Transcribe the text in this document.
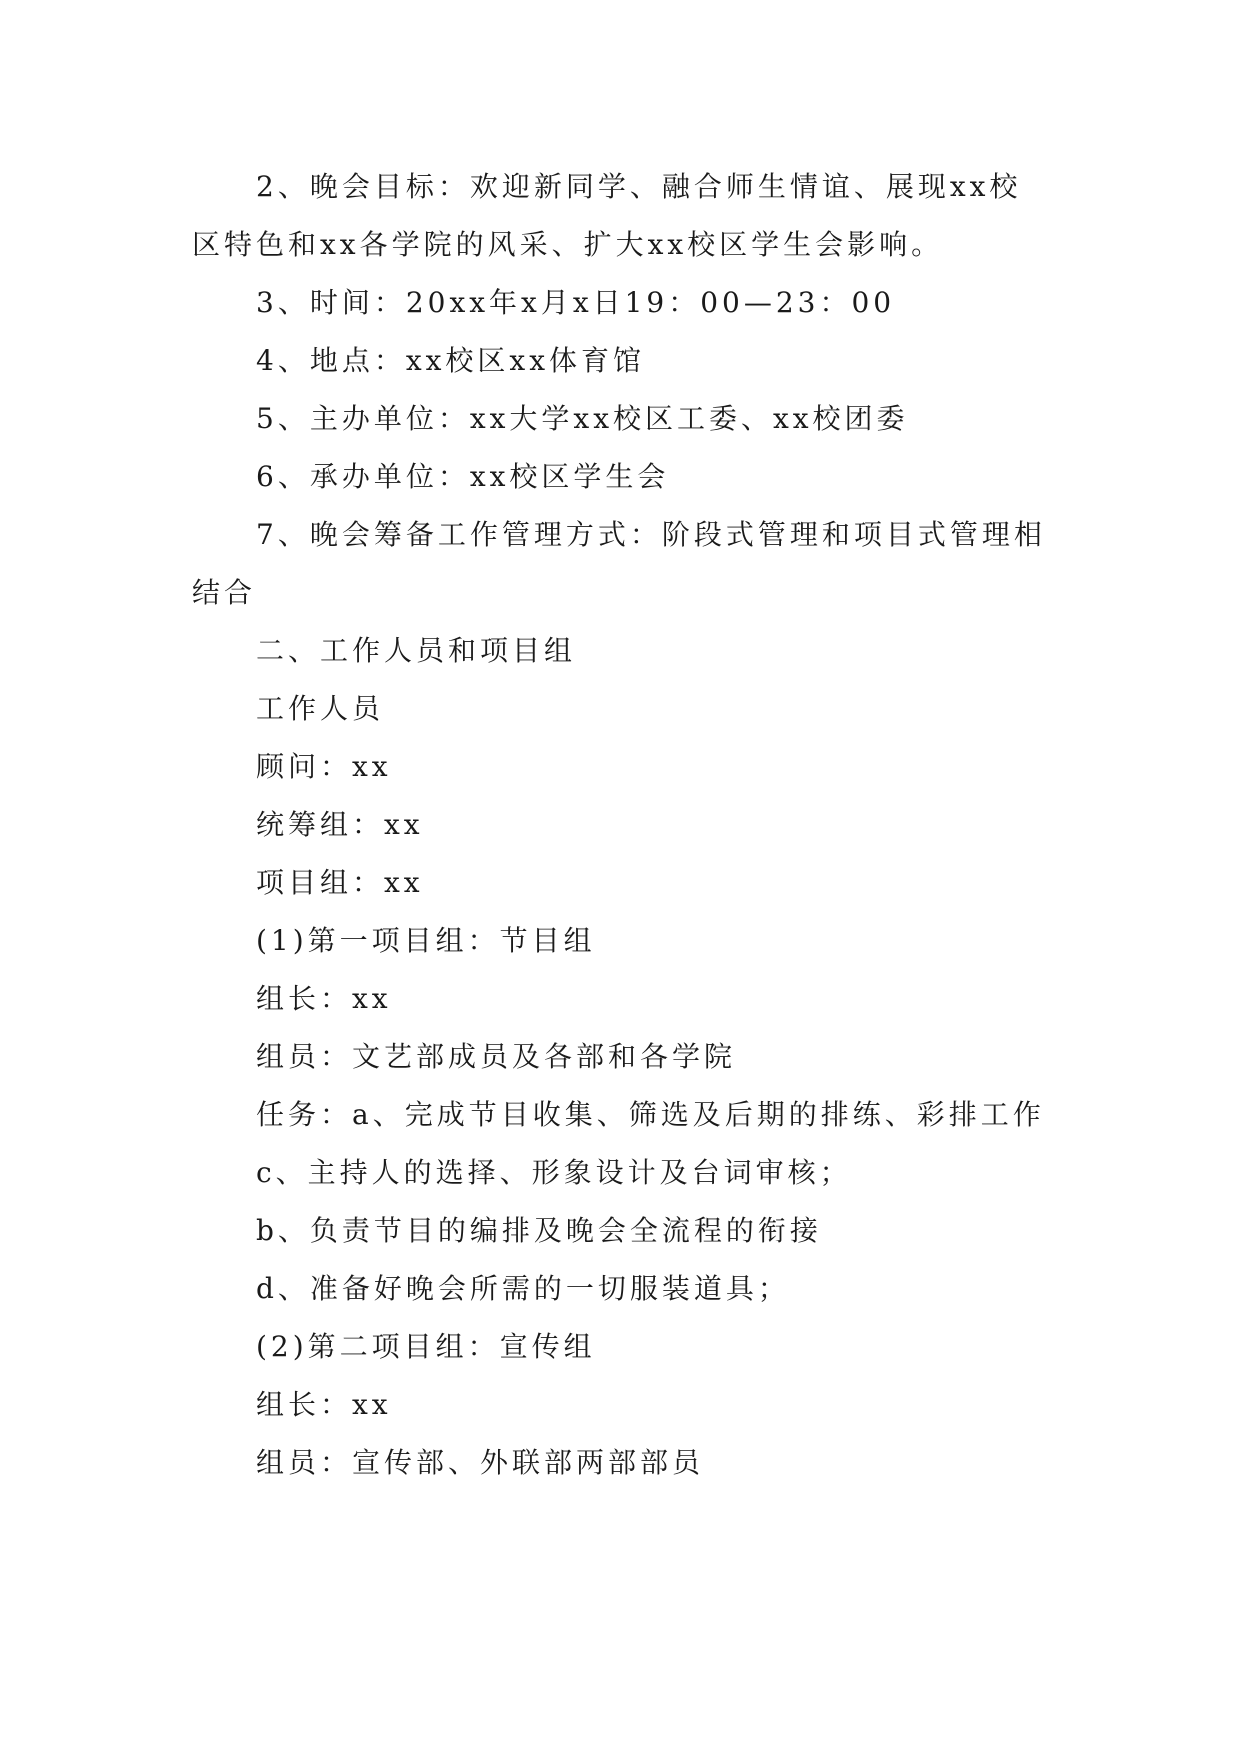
2、晚会目标：欢迎新同学、融合师生情谊、展现xx校区特色和xx各学院的风采、扩大xx校区学生会影响。

3、时间：20xx年x月x日19：00—23：00

4、地点：xx校区xx体育馆

5、主办单位：xx大学xx校区工委、xx校团委

6、承办单位：xx校区学生会

7、晚会筹备工作管理方式：阶段式管理和项目式管理相结合

二、工作人员和项目组

工作人员

顾问：xx

统筹组：xx

项目组：xx

(1)第一项目组：节目组

组长：xx

组员：文艺部成员及各部和各学院

任务：a、完成节目收集、筛选及后期的排练、彩排工作

c、主持人的选择、形象设计及台词审核；

b、负责节目的编排及晚会全流程的衔接

d、准备好晚会所需的一切服装道具；

(2)第二项目组：宣传组

组长：xx

组员：宣传部、外联部两部部员
